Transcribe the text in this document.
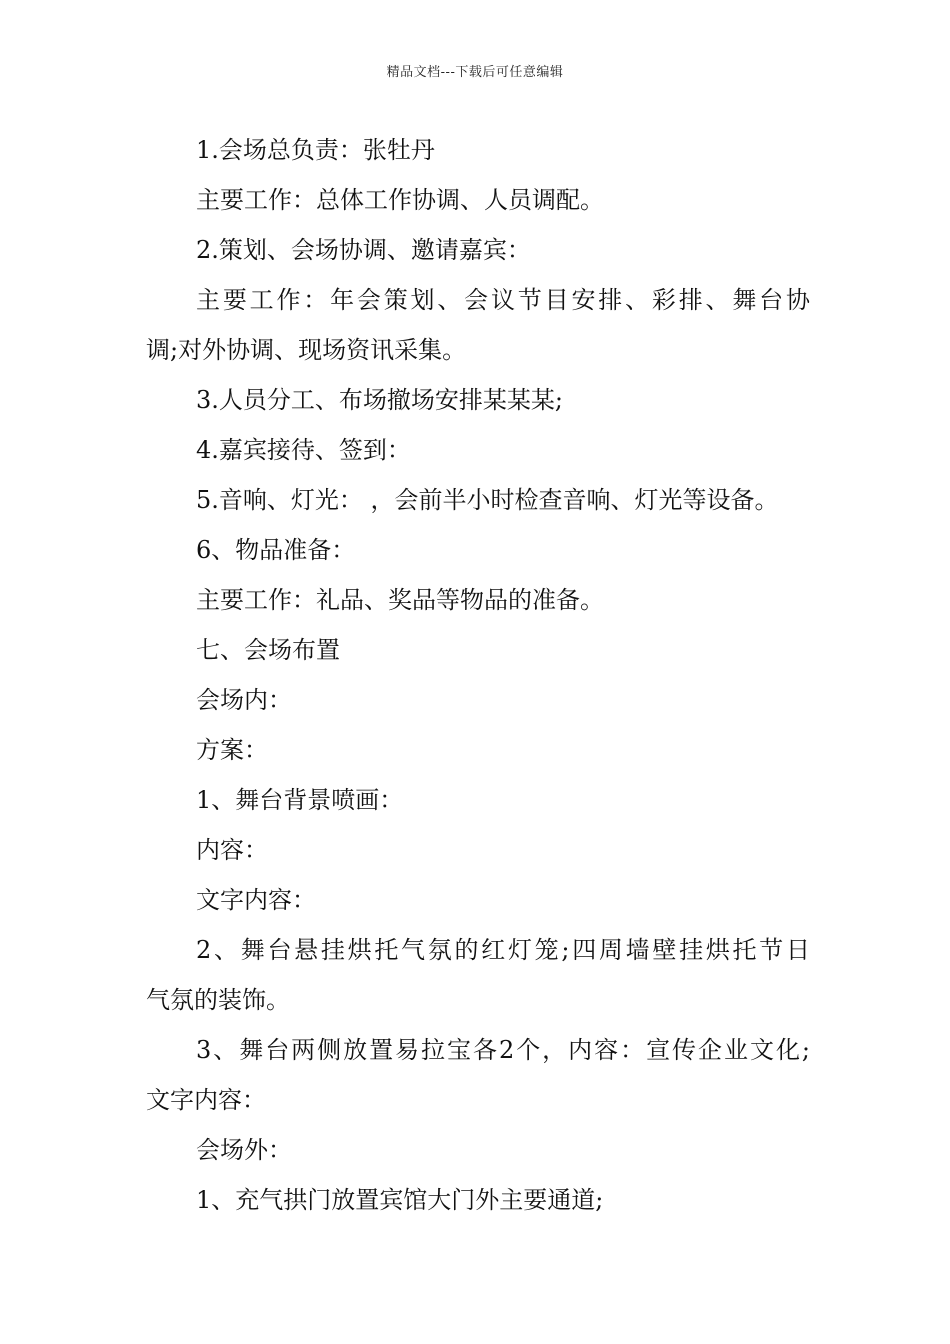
精品文档---下载后可任意编辑

1.会场总负责：张牡丹

主要工作：总体工作协调、人员调配。

2.策划、会场协调、邀请嘉宾：

主要工作：年会策划、会议节目安排、彩排、舞台协
调;对外协调、现场资讯采集。

3.人员分工、布场撤场安排某某某;

4.嘉宾接待、签到：

5.音响、灯光： ，会前半小时检查音响、灯光等设备。

6、物品准备：

主要工作：礼品、奖品等物品的准备。

七、会场布置

会场内：

方案：

1、舞台背景喷画：

内容：

文字内容：

2、舞台悬挂烘托气氛的红灯笼;四周墙壁挂烘托节日
气氛的装饰。
3、舞台两侧放置易拉宝各2个，内容：宣传企业文化;
文字内容：

会场外：

1、充气拱门放置宾馆大门外主要通道;
